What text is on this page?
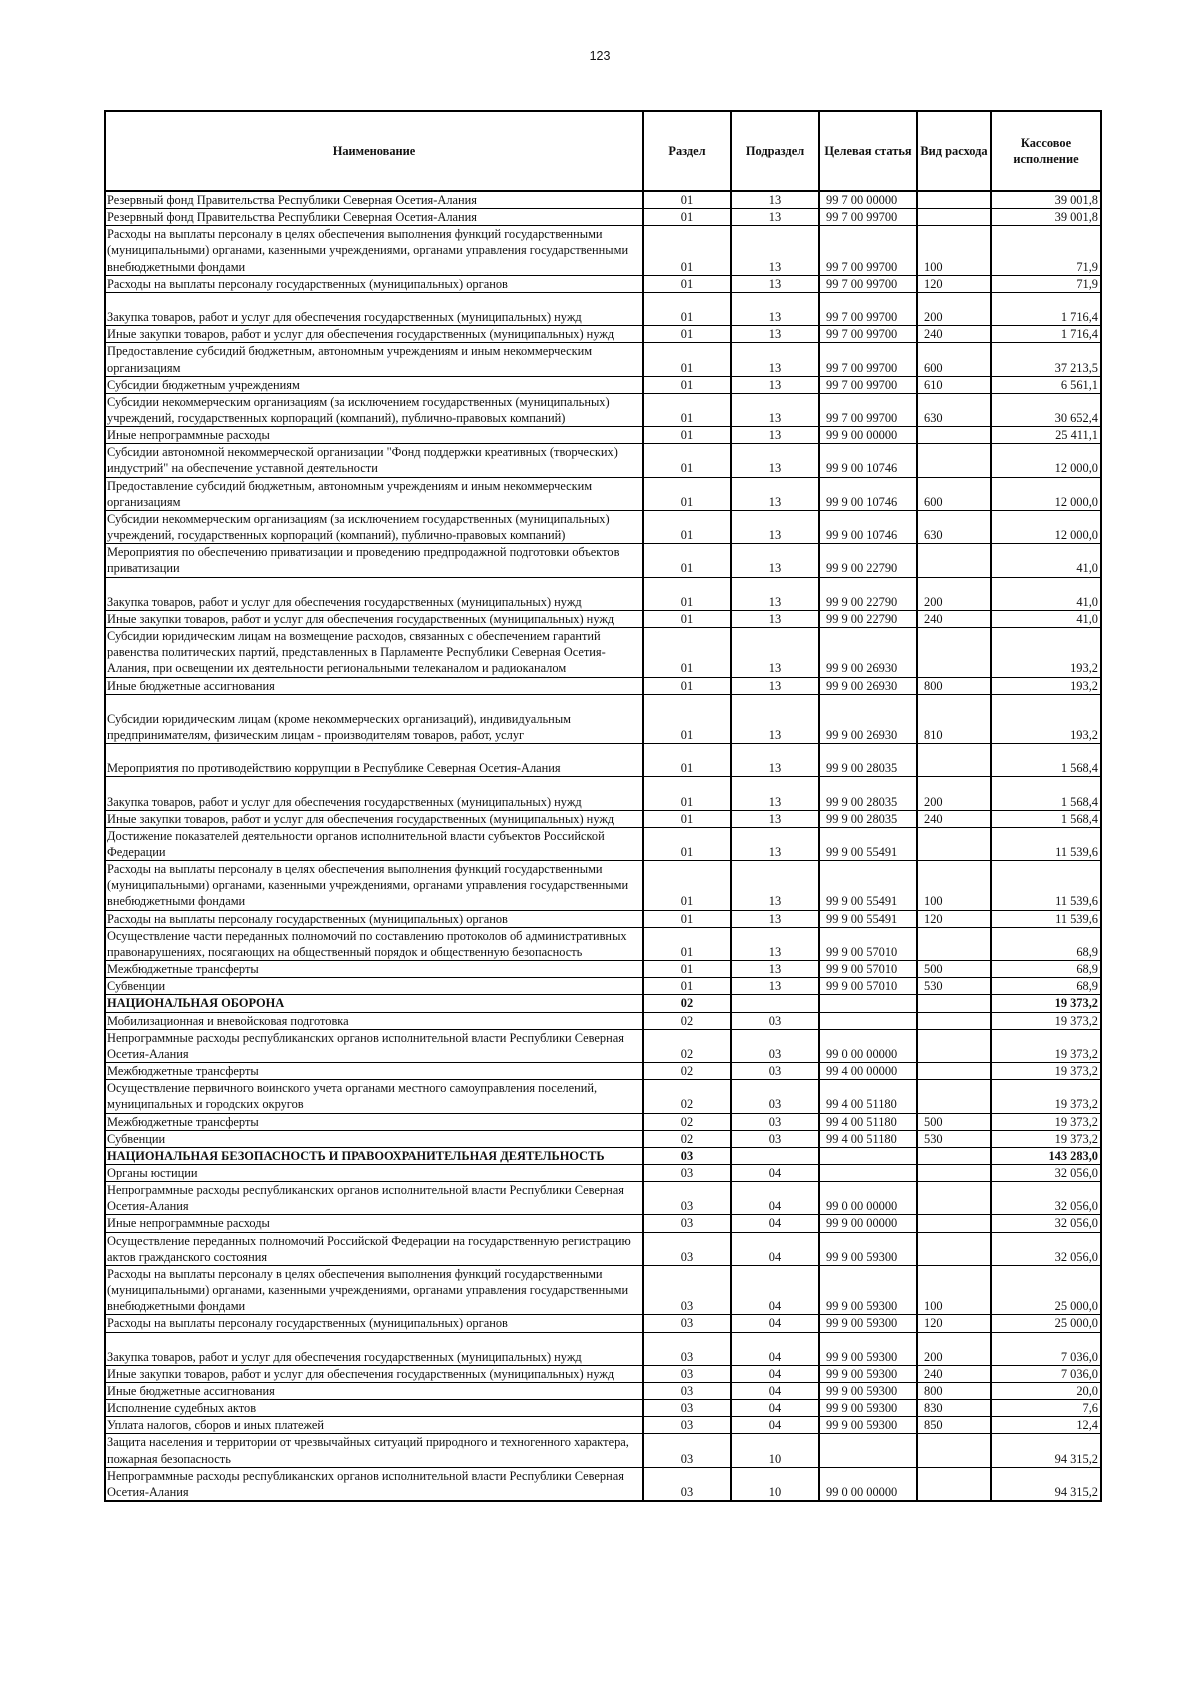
123
Наименование	Раздел	Подраздел	Целевая статья	Вид расхода	Кассовое исполнение
Резервный фонд Правительства Республики Северная Осетия-Алания	01	13	99 7 00 00000		39 001,8
Резервный фонд Правительства Республики Северная Осетия-Алания	01	13	99 7 00 99700		39 001,8
Расходы на выплаты персоналу в целях обеспечения выполнения функций государственными (муниципальными) органами, казенными учреждениями, органами управления государственными внебюджетными фондами	01	13	99 7 00 99700	100	71,9
Расходы на выплаты персоналу государственных (муниципальных) органов	01	13	99 7 00 99700	120	71,9
Закупка товаров, работ и услуг для обеспечения государственных (муниципальных) нужд	01	13	99 7 00 99700	200	1 716,4
Иные закупки товаров, работ и услуг для обеспечения государственных (муниципальных) нужд	01	13	99 7 00 99700	240	1 716,4
Предоставление субсидий бюджетным, автономным учреждениям и иным некоммерческим организациям	01	13	99 7 00 99700	600	37 213,5
Субсидии бюджетным учреждениям	01	13	99 7 00 99700	610	6 561,1
Субсидии некоммерческим организациям (за исключением государственных (муниципальных) учреждений, государственных корпораций (компаний), публично-правовых компаний)	01	13	99 7 00 99700	630	30 652,4
Иные непрограммные расходы	01	13	99 9 00 00000		25 411,1
Субсидии автономной некоммерческой организации "Фонд поддержки креативных (творческих) индустрий" на обеспечение уставной деятельности	01	13	99 9 00 10746		12 000,0
Предоставление субсидий бюджетным, автономным учреждениям и иным некоммерческим организациям	01	13	99 9 00 10746	600	12 000,0
Субсидии некоммерческим организациям (за исключением государственных (муниципальных) учреждений, государственных корпораций (компаний), публично-правовых компаний)	01	13	99 9 00 10746	630	12 000,0
Мероприятия по обеспечению приватизации и проведению предпродажной подготовки объектов приватизации	01	13	99 9 00 22790		41,0
Закупка товаров, работ и услуг для обеспечения государственных (муниципальных) нужд	01	13	99 9 00 22790	200	41,0
Иные закупки товаров, работ и услуг для обеспечения государственных (муниципальных) нужд	01	13	99 9 00 22790	240	41,0
Субсидии юридическим лицам на возмещение расходов, связанных с обеспечением гарантий равенства политических партий, представленных в Парламенте Республики Северная Осетия-Алания, при освещении их деятельности региональными телеканалом и радиоканалом	01	13	99 9 00 26930		193,2
Иные бюджетные ассигнования	01	13	99 9 00 26930	800	193,2
Субсидии юридическим лицам (кроме некоммерческих организаций), индивидуальным предпринимателям, физическим лицам - производителям товаров, работ, услуг	01	13	99 9 00 26930	810	193,2
Мероприятия по противодействию коррупции в Республике Северная Осетия-Алания	01	13	99 9 00 28035		1 568,4
Закупка товаров, работ и услуг для обеспечения государственных (муниципальных) нужд	01	13	99 9 00 28035	200	1 568,4
Иные закупки товаров, работ и услуг для обеспечения государственных (муниципальных) нужд	01	13	99 9 00 28035	240	1 568,4
Достижение показателей деятельности органов исполнительной власти субъектов Российской Федерации	01	13	99 9 00 55491		11 539,6
Расходы на выплаты персоналу в целях обеспечения выполнения функций государственными (муниципальными) органами, казенными учреждениями, органами управления государственными внебюджетными фондами	01	13	99 9 00 55491	100	11 539,6
Расходы на выплаты персоналу государственных (муниципальных) органов	01	13	99 9 00 55491	120	11 539,6
Осуществление части переданных полномочий по составлению протоколов об административных правонарушениях, посягающих на общественный порядок и общественную безопасность	01	13	99 9 00 57010		68,9
Межбюджетные трансферты	01	13	99 9 00 57010	500	68,9
Субвенции	01	13	99 9 00 57010	530	68,9
НАЦИОНАЛЬНАЯ ОБОРОНА	02				19 373,2
Мобилизационная и вневойсковая подготовка	02	03			19 373,2
Непрограммные расходы республиканских органов исполнительной власти Республики Северная Осетия-Алания	02	03	99 0 00 00000		19 373,2
Межбюджетные трансферты	02	03	99 4 00 00000		19 373,2
Осуществление первичного воинского учета органами местного самоуправления поселений, муниципальных и городских округов	02	03	99 4 00 51180		19 373,2
Межбюджетные трансферты	02	03	99 4 00 51180	500	19 373,2
Субвенции	02	03	99 4 00 51180	530	19 373,2
НАЦИОНАЛЬНАЯ БЕЗОПАСНОСТЬ И ПРАВООХРАНИТЕЛЬНАЯ ДЕЯТЕЛЬНОСТЬ	03				143 283,0
Органы юстиции	03	04			32 056,0
Непрограммные расходы республиканских органов исполнительной власти Республики Северная Осетия-Алания	03	04	99 0 00 00000		32 056,0
Иные непрограммные расходы	03	04	99 9 00 00000		32 056,0
Осуществление переданных полномочий Российской Федерации на государственную регистрацию актов гражданского состояния	03	04	99 9 00 59300		32 056,0
Расходы на выплаты персоналу в целях обеспечения выполнения функций государственными (муниципальными) органами, казенными учреждениями, органами управления государственными внебюджетными фондами	03	04	99 9 00 59300	100	25 000,0
Расходы на выплаты персоналу государственных (муниципальных) органов	03	04	99 9 00 59300	120	25 000,0
Закупка товаров, работ и услуг для обеспечения государственных (муниципальных) нужд	03	04	99 9 00 59300	200	7 036,0
Иные закупки товаров, работ и услуг для обеспечения государственных (муниципальных) нужд	03	04	99 9 00 59300	240	7 036,0
Иные бюджетные ассигнования	03	04	99 9 00 59300	800	20,0
Исполнение судебных актов	03	04	99 9 00 59300	830	7,6
Уплата налогов, сборов и иных платежей	03	04	99 9 00 59300	850	12,4
Защита населения и территории от чрезвычайных ситуаций природного и техногенного характера, пожарная безопасность	03	10			94 315,2
Непрограммные расходы республиканских органов исполнительной власти Республики Северная Осетия-Алания	03	10	99 0 00 00000		94 315,2
